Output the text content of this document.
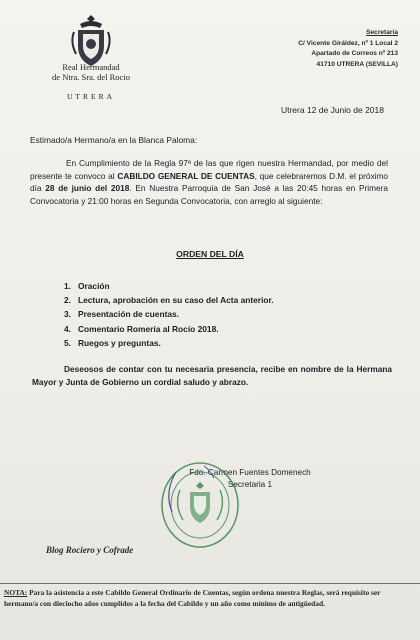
Real Hermandad
de Ntra. Sra. del Rocio
UTRERA
Secretaría
C/ Vicente Giráldez, nº 1 Local 2
Apartado de Correos nº 213
41710 UTRERA (SEVILLA)
Utrera 12 de Junio de 2018
Estimado/a Hermano/a en la Blanca Paloma:
En Cumplimiento de la Regla 97ª de las que rigen nuestra Hermandad, por medio del presente te convoco al CABILDO GENERAL DE CUENTAS, que celebraremos D.M. el próximo día 28 de junio del 2018. En Nuestra Parroquia de San José a las 20:45 horas en Primera Convocatoria y 21:00 horas en Segunda Convocatoria, con arreglo al siguiente:
ORDEN DEL DÍA
1. Oración
2. Lectura, aprobación en su caso del Acta anterior.
3. Presentación de cuentas.
4. Comentario Romería al Rocío 2018.
5. Ruegos y preguntas.
Deseosos de contar con tu necesaria presencia, recibe en nombre de la Hermana Mayor y Junta de Gobierno un cordial saludo y abrazo.
Fdo. Carmen Fuentes Domenech
Secretaria 1
Blog Rociero y Cofrade
NOTA: Para la asistencia a este Cabildo General Ordinario de Cuentas, según ordena nuestra Reglas, será requisito ser hermano/a con dieciocho años cumplidos a la fecha del Cabildo y un año como mínimo de antigüedad.
